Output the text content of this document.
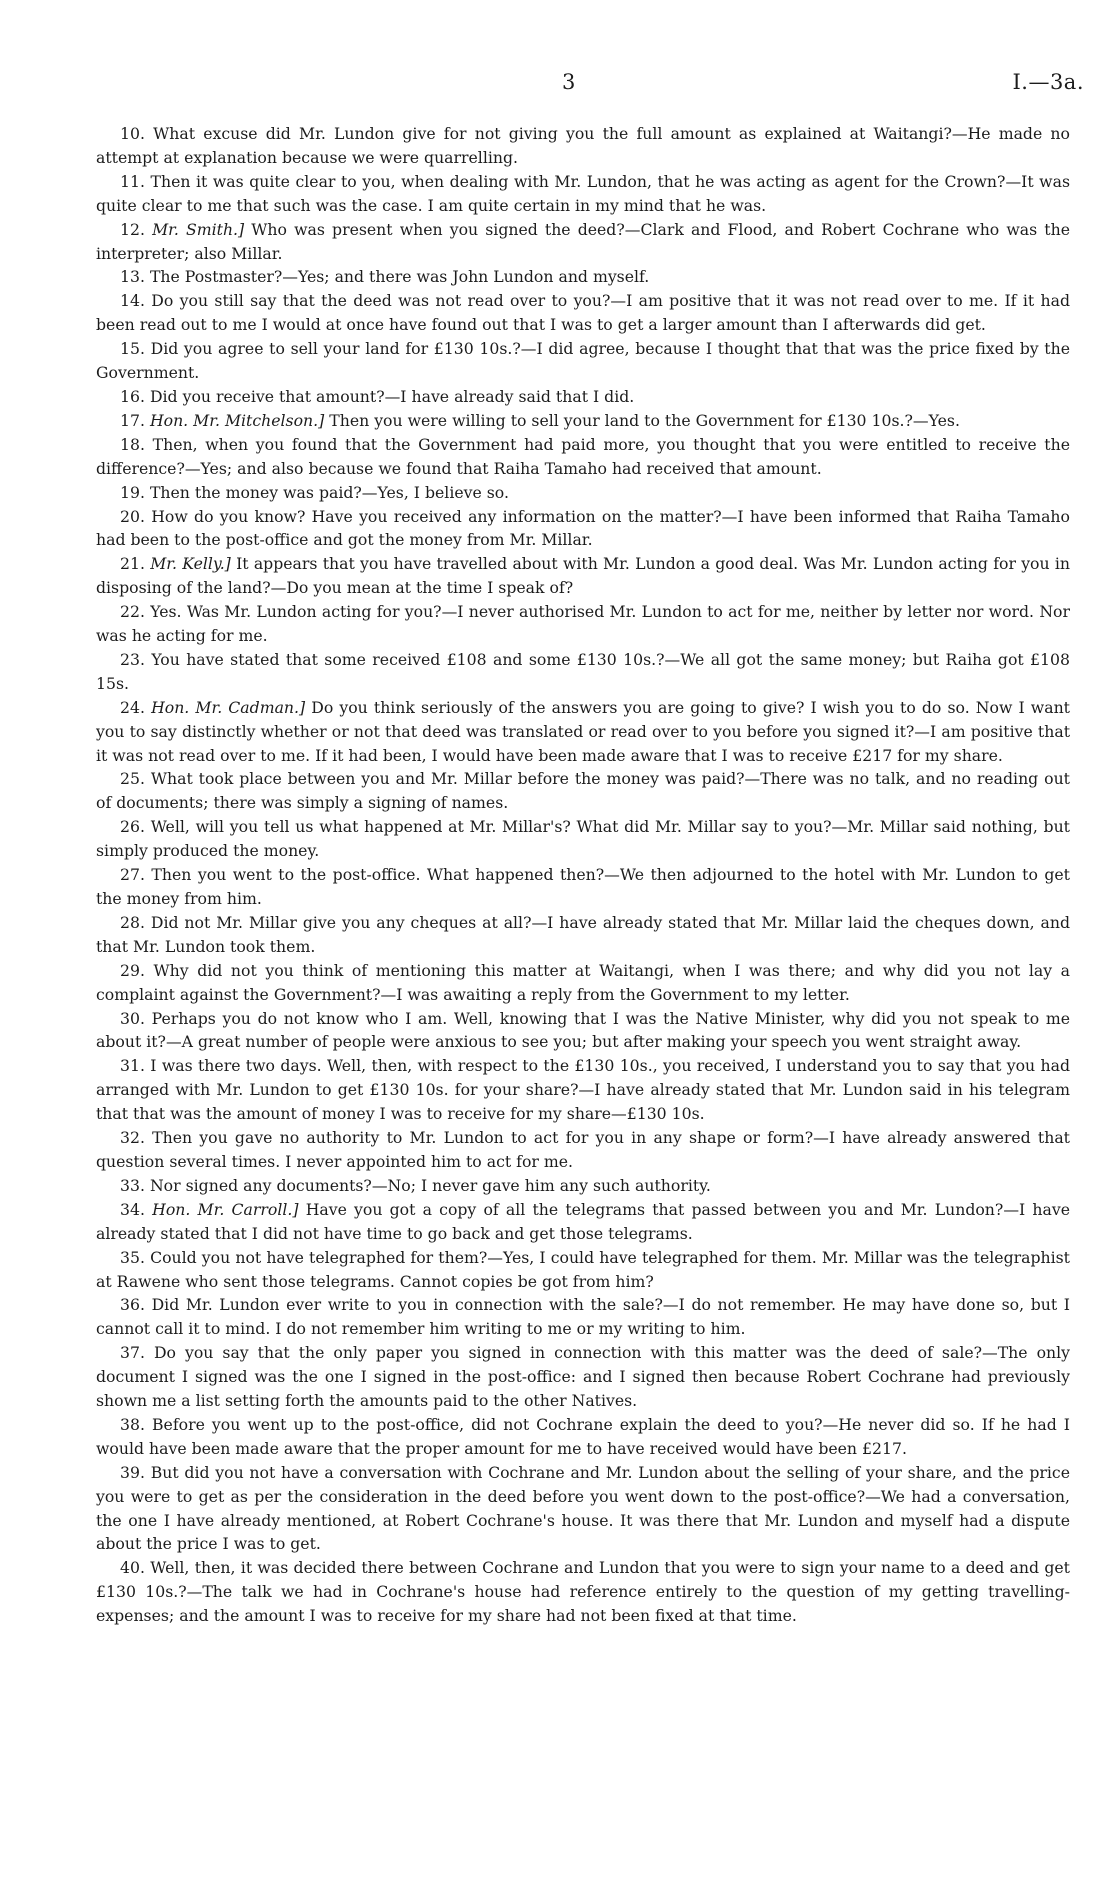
3	I.—3a.

10. What excuse did Mr. Lundon give for not giving you the full amount as explained at Waitangi?—He made no attempt at explanation because we were quarrelling.

11. Then it was quite clear to you, when dealing with Mr. Lundon, that he was acting as agent for the Crown?—It was quite clear to me that such was the case. I am quite certain in my mind that he was.

12. Mr. Smith.] Who was present when you signed the deed?—Clark and Flood, and Robert Cochrane who was the interpreter; also Millar.

13. The Postmaster?—Yes; and there was John Lundon and myself.

14. Do you still say that the deed was not read over to you?—I am positive that it was not read over to me. If it had been read out to me I would at once have found out that I was to get a larger amount than I afterwards did get.

15. Did you agree to sell your land for £130 10s.?—I did agree, because I thought that that was the price fixed by the Government.

16. Did you receive that amount?—I have already said that I did.

17. Hon. Mr. Mitchelson.] Then you were willing to sell your land to the Government for £130 10s.?—Yes.

18. Then, when you found that the Government had paid more, you thought that you were entitled to receive the difference?—Yes; and also because we found that Raiha Tamaho had received that amount.

19. Then the money was paid?—Yes, I believe so.

20. How do you know? Have you received any information on the matter?—I have been informed that Raiha Tamaho had been to the post-office and got the money from Mr. Millar.

21. Mr. Kelly.] It appears that you have travelled about with Mr. Lundon a good deal. Was Mr. Lundon acting for you in disposing of the land?—Do you mean at the time I speak of?

22. Yes. Was Mr. Lundon acting for you?—I never authorised Mr. Lundon to act for me, neither by letter nor word. Nor was he acting for me.

23. You have stated that some received £108 and some £130 10s.?—We all got the same money; but Raiha got £108 15s.

24. Hon. Mr. Cadman.] Do you think seriously of the answers you are going to give? I wish you to do so. Now I want you to say distinctly whether or not that deed was translated or read over to you before you signed it?—I am positive that it was not read over to me. If it had been, I would have been made aware that I was to receive £217 for my share.

25. What took place between you and Mr. Millar before the money was paid?—There was no talk, and no reading out of documents; there was simply a signing of names.

26. Well, will you tell us what happened at Mr. Millar's? What did Mr. Millar say to you?—Mr. Millar said nothing, but simply produced the money.

27. Then you went to the post-office. What happened then?—We then adjourned to the hotel with Mr. Lundon to get the money from him.

28. Did not Mr. Millar give you any cheques at all?—I have already stated that Mr. Millar laid the cheques down, and that Mr. Lundon took them.

29. Why did not you think of mentioning this matter at Waitangi, when I was there; and why did you not lay a complaint against the Government?—I was awaiting a reply from the Government to my letter.

30. Perhaps you do not know who I am. Well, knowing that I was the Native Minister, why did you not speak to me about it?—A great number of people were anxious to see you; but after making your speech you went straight away.

31. I was there two days. Well, then, with respect to the £130 10s., you received, I understand you to say that you had arranged with Mr. Lundon to get £130 10s. for your share?—I have already stated that Mr. Lundon said in his telegram that that was the amount of money I was to receive for my share—£130 10s.

32. Then you gave no authority to Mr. Lundon to act for you in any shape or form?—I have already answered that question several times. I never appointed him to act for me.

33. Nor signed any documents?—No; I never gave him any such authority.

34. Hon. Mr. Carroll.] Have you got a copy of all the telegrams that passed between you and Mr. Lundon?—I have already stated that I did not have time to go back and get those telegrams.

35. Could you not have telegraphed for them?—Yes, I could have telegraphed for them. Mr. Millar was the telegraphist at Rawene who sent those telegrams. Cannot copies be got from him?

36. Did Mr. Lundon ever write to you in connection with the sale?—I do not remember. He may have done so, but I cannot call it to mind. I do not remember him writing to me or my writing to him.

37. Do you say that the only paper you signed in connection with this matter was the deed of sale?—The only document I signed was the one I signed in the post-office: and I signed then because Robert Cochrane had previously shown me a list setting forth the amounts paid to the other Natives.

38. Before you went up to the post-office, did not Cochrane explain the deed to you?—He never did so. If he had I would have been made aware that the proper amount for me to have received would have been £217.

39. But did you not have a conversation with Cochrane and Mr. Lundon about the selling of your share, and the price you were to get as per the consideration in the deed before you went down to the post-office?—We had a conversation, the one I have already mentioned, at Robert Cochrane's house. It was there that Mr. Lundon and myself had a dispute about the price I was to get.

40. Well, then, it was decided there between Cochrane and Lundon that you were to sign your name to a deed and get £130 10s.?—The talk we had in Cochrane's house had reference entirely to the question of my getting travelling-expenses; and the amount I was to receive for my share had not been fixed at that time.
